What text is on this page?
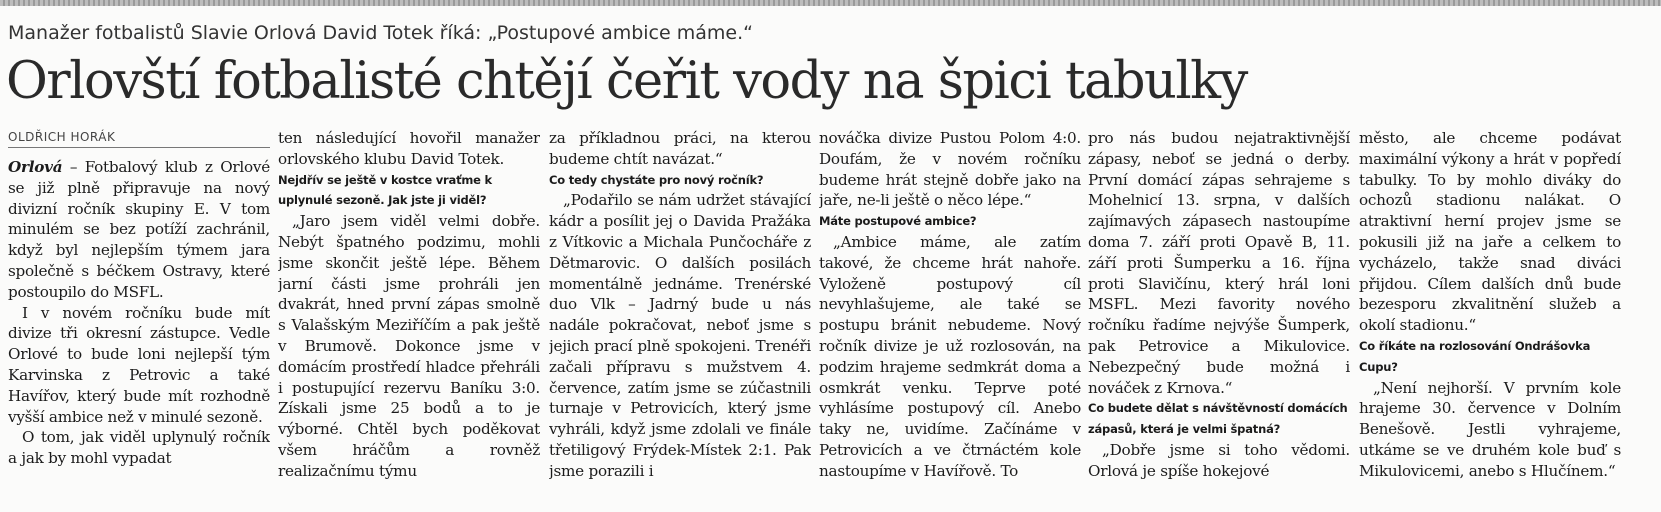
Manažer fotbalistů Slavie Orlová David Totek říká: „Postupové ambice máme.“
Orlovští fotbalisté chtějí čeřit vody na špici tabulky
OLDŘICH HORÁK

Orlová – Fotbalový klub z Orlové se již plně připravuje na nový divizní ročník skupiny E. V tom minulém se bez potíží zachránil, když byl nejlepším týmem jara společně s béčkem Ostravy, které postoupilo do MSFL.

I v novém ročníku bude mít divize tři okresní zástupce. Vedle Orlové to bude loni nejlepší tým Karvinska z Petrovic a také Havířov, který bude mít rozhodně vyšší ambice než v minulé sezoně.

O tom, jak viděl uplynulý ročník a jak by mohl vypadat

ten následující hovořil manažer orlovského klubu David Totek.

Nejdřív se ještě v kostce vraťme k uplynulé sezoně. Jak jste ji viděl?

„Jaro jsem viděl velmi dobře. Nebýt špatného podzimu, mohli jsme skončit ještě lépe. Během jarní části jsme prohráli jen dvakrát, hned první zápas smolně s Valašským Meziříčím a pak ještě v Brumově. Dokonce jsme v domácím prostředí hladce přehráli i postupující rezervu Baníku 3:0. Získali jsme 25 bodů a to je výborné. Chtěl bych poděkovat všem hráčům a rovněž realizačnímu týmu

za příkladnou práci, na kterou budeme chtít navázat.“

Co tedy chystáte pro nový ročník?

„Podařilo se nám udržet stávající kádr a posílit jej o Davida Pražáka z Vítkovic a Michala Punčocháře z Dětmarovic. O dalších posilách momentálně jednáme. Trenérské duo Vlk – Jadrný bude u nás nadále pokračovat, neboť jsme s jejich prací plně spokojeni. Trenéři začali přípravu s mužstvem 4. července, zatím jsme se zúčastnili turnaje v Petrovicích, který jsme vyhráli, když jsme zdolali ve finále třetiligový Frýdek-Místek 2:1. Pak jsme porazili i

nováčka divize Pustou Polom 4:0. Doufám, že v novém ročníku budeme hrát stejně dobře jako na jaře, ne-li ještě o něco lépe.“

Máte postupové ambice?

„Ambice máme, ale zatím takové, že chceme hrát nahoře. Vyloženě postupový cíl nevyhlašujeme, ale také se postupu bránit nebudeme. Nový ročník divize je už rozlosován, na podzim hrajeme sedmkrát doma a osmkrát venku. Teprve poté vyhlásíme postupový cíl. Anebo taky ne, uvidíme. Začínáme v Petrovicích a ve čtrnáctém kole nastoupíme v Havířově. To

pro nás budou nejatraktivnější zápasy, neboť se jedná o derby. První domácí zápas sehrajeme s Mohelnicí 13. srpna, v dalších zajímavých zápasech nastoupíme doma 7. září proti Opavě B, 11. září proti Šumperku a 16. října proti Slavičínu, který hrál loni MSFL. Mezi favority nového ročníku řadíme nejvýše Šumperk, pak Petrovice a Mikulovice. Nebezpečný bude možná i nováček z Krnova.“

Co budete dělat s návštěvností domácích zápasů, která je velmi špatná?

„Dobře jsme si toho vědomi. Orlová je spíše hokejové

město, ale chceme podávat maximální výkony a hrát v popředí tabulky. To by mohlo diváky do ochozů stadionu nalákat. O atraktivní herní projev jsme se pokusili již na jaře a celkem to vycházelo, takže snad diváci přijdou. Cílem dalších dnů bude bezesporu zkvalitnění služeb a okolí stadionu.“

Co říkáte na rozlosování Ondrášovka Cupu?

„Není nejhorší. V prvním kole hrajeme 30. července v Dolním Benešově. Jestli vyhrajeme, utkáme se ve druhém kole buď s Mikulovicemi, anebo s Hlučínem.“
